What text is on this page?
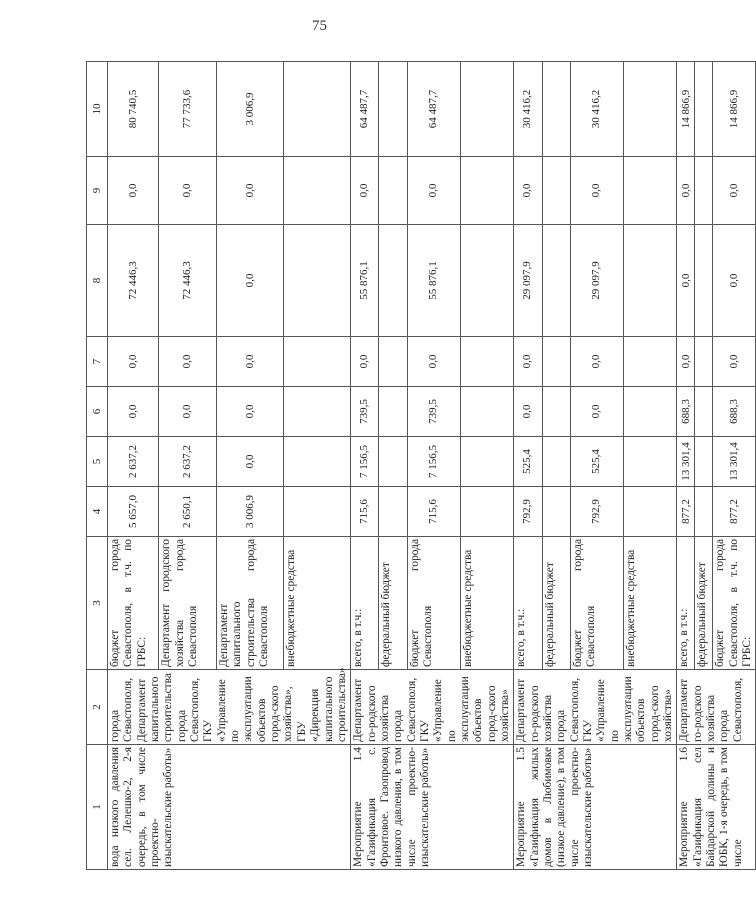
75
1	2	3	4	5	6	7	8	9	10
вода низкого давления сел. Лелешко-2, 2-я очередь, в том числе проектно-изыскательские работы»	города Севастополя, Департамент капитального строительства города Севастополя, ГКУ «Управление по эксплуатации объектов город-ского хозяйства», ГБУ «Дирекция капитального строительства»	бюджет города Севастополя, в т.ч. по ГРБС:	5 657,0	2 637,2	0,0	0,0	72 446,3	0,0	80 740,5
		Департамент городского хозяйства города Севастополя	2 650,1	2 637,2	0,0	0,0	72 446,3	0,0	77 733,6
		Департамент капитального строительства города Севастополя	3 006,9	0,0	0,0	0,0	0,0	0,0	3 006,9
		внебюджетные средства							

1.4
Мероприятие «Газификация с. Фронтовое. Газопровод низкого давления, в том числе проектно-изыскательские работы»	Департамент го-родского хозяйства города Севастополя, ГКУ «Управление по эксплуатации объектов город-ского хозяйства»	всего, в т.ч.:	715,6	7 156,5	739,5	0,0	55 876,1	0,0	64 487,7
		федеральный бюджет							
		бюджет города Севастополя	715,6	7 156,5	739,5	0,0	55 876,1	0,0	64 487,7
		внебюджетные средства							

1.5
Мероприятие «Газификация жилых домов в Любимовке (низкое давление), в том числе проектно-изыскательские работы»	Департамент го-родского хозяйства города Севастополя, ГКУ «Управление по эксплуатации объектов город-ского хозяйства»	всего, в т.ч.:	792,9	525,4	0,0	0,0	29 097,9	0,0	30 416,2
		федеральный бюджет							
		бюджет города Севастополя	792,9	525,4	0,0	0,0	29 097,9	0,0	30 416,2
		внебюджетные средства							

1.6
Мероприятие «Газификация сел Байдарской долины и ЮБК, 1-я очередь, в том числе	Департамент го-родского хозяйства города Севастополя,	всего, в т.ч.:	877,2	13 301,4	688,3	0,0	0,0	0,0	14 866,9
		федеральный бюджет							
		бюджет города Севастополя, в т.ч. по ГРБС:	877,2	13 301,4	688,3	0,0	0,0	0,0	14 866,9
